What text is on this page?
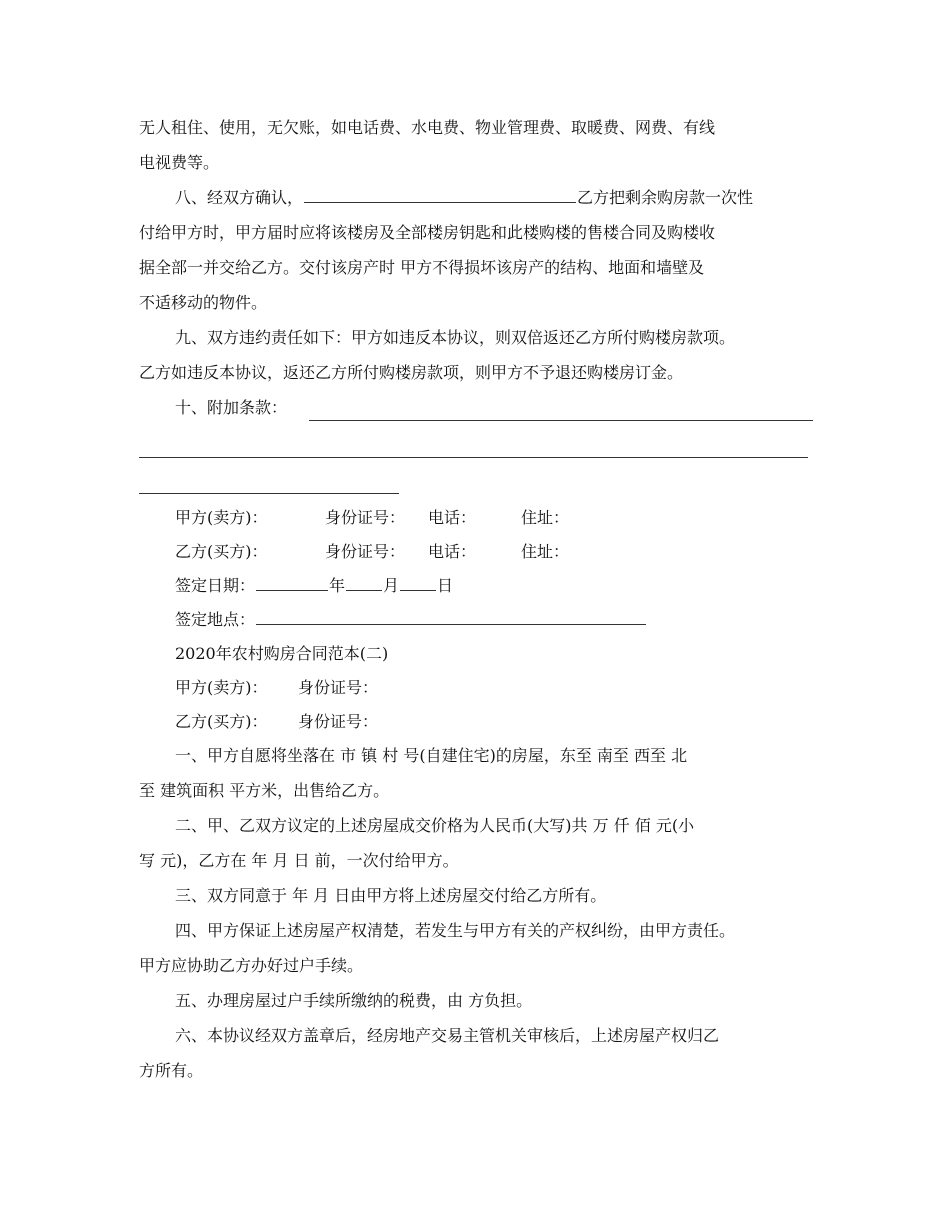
无人租住、使用，无欠账，如电话费、水电费、物业管理费、取暖费、网费、有线
电视费等。
八、经双方确认，	乙方把剩余购房款一次性
付给甲方时，甲方届时应将该楼房及全部楼房钥匙和此楼购楼的售楼合同及购楼收
据全部一并交给乙方。交付该房产时 甲方不得损坏该房产的结构、地面和墙壁及
不适移动的物件。
九、双方违约责任如下：甲方如违反本协议，则双倍返还乙方所付购楼房款项。
乙方如违反本协议，返还乙方所付购楼房款项，则甲方不予退还购楼房订金。
十、附加条款：
甲方(卖方)：	身份证号： 电话：	住址：
乙方(买方)：	身份证号： 电话：	住址：
签定日期：	年 月 日
签定地点：
2020年农村购房合同范本(二)
甲方(卖方)： 身份证号：
乙方(买方)： 身份证号：
一、甲方自愿将坐落在 市 镇 村 号(自建住宅)的房屋，东至 南至 西至 北
至 建筑面积 平方米，出售给乙方。
二、甲、乙双方议定的上述房屋成交价格为人民币(大写)共 万 仟 佰 元(小
写 元)，乙方在 年 月 日 前，一次付给甲方。
三、双方同意于 年 月 日由甲方将上述房屋交付给乙方所有。
四、甲方保证上述房屋产权清楚，若发生与甲方有关的产权纠纷，由甲方责任。
甲方应协助乙方办好过户手续。
五、办理房屋过户手续所缴纳的税费，由 方负担。
六、本协议经双方盖章后，经房地产交易主管机关审核后，上述房屋产权归乙
方所有。
